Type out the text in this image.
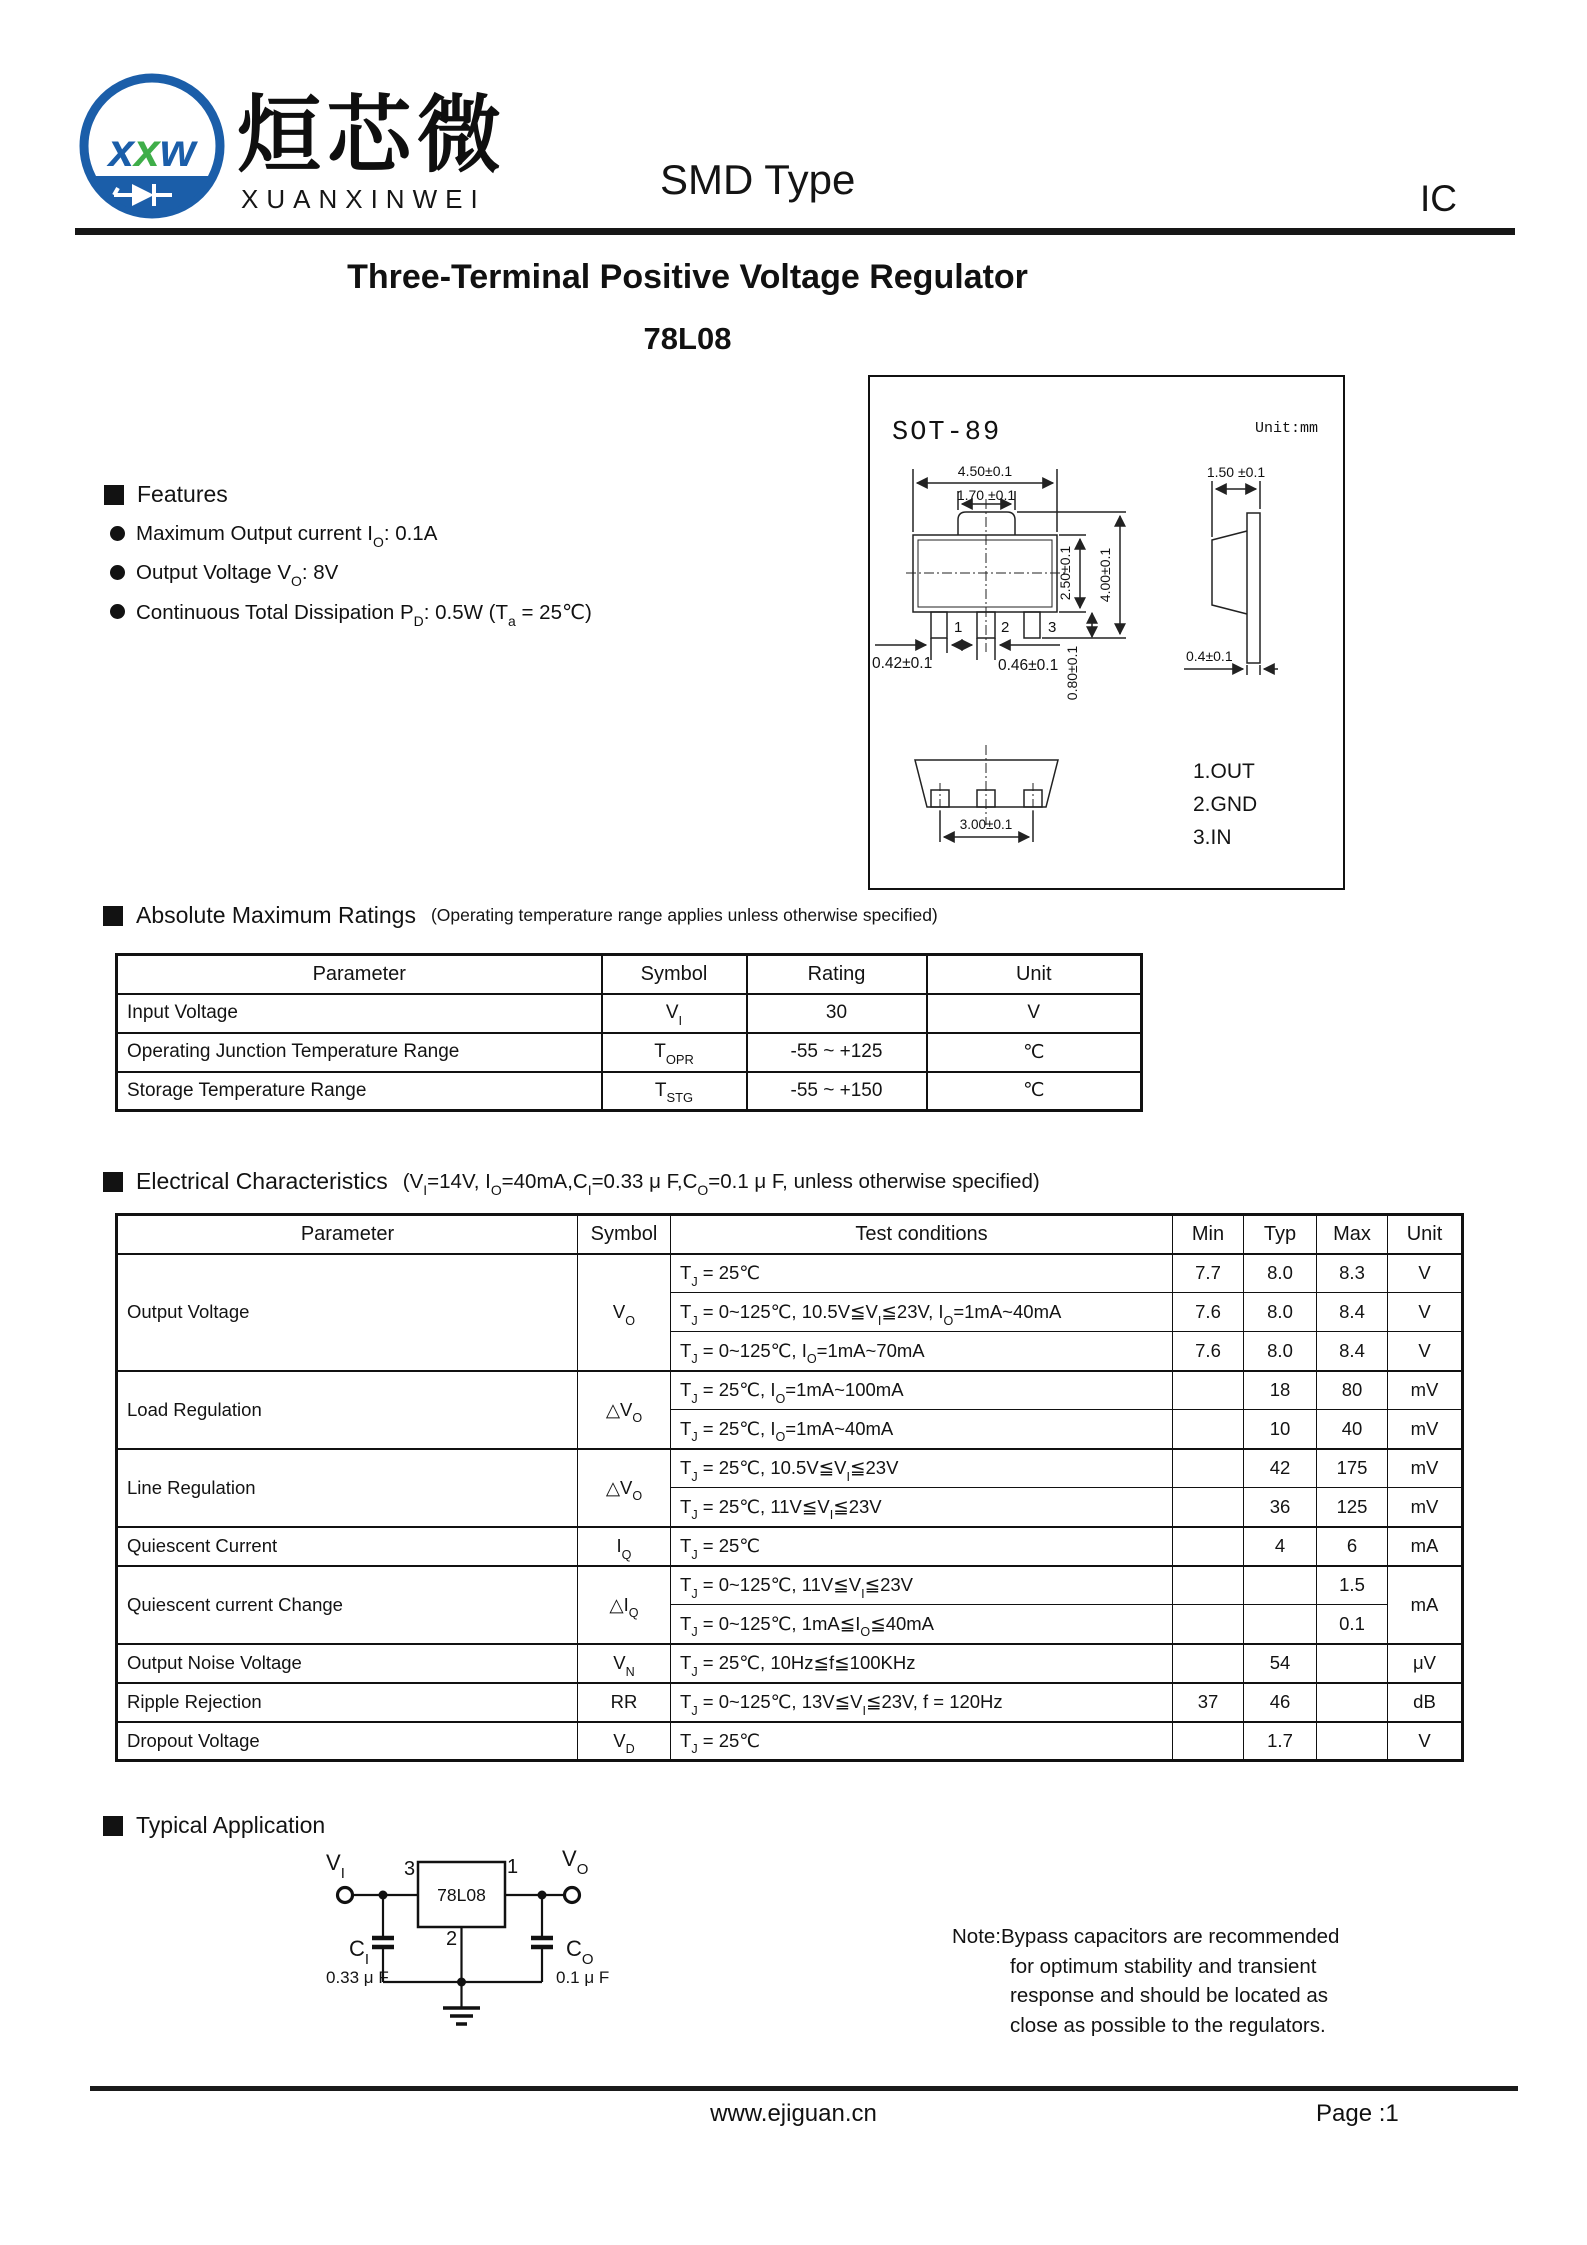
xxw 烜芯微
XUANXINWEI	SMD Type	IC
Three-Terminal Positive Voltage Regulator
78L08
SOT-89	Unit:mm
4.50±0.1
1.70 ±0.1
2.50±0.1 4.00±0.1
0.80±0.1
0.42±0.1	0.46±0.1
3.00±0.1
1.50 ±0.1
0.4±0.1
1	2	3
1.OUT
2.GND
3.IN
Features
Maximum Output current $I_O$: 0.1A
Output Voltage $V_O$: 8V
Continuous Total Dissipation $P_D$: 0.5W ($T_a$ = 25℃)
Absolute Maximum Ratings (Operating temperature range applies unless otherwise specified)
Parameter	Symbol	Rating	Unit
Input Voltage	$V_I$	30	V
Operating Junction Temperature Range	$T_{OPR}$	-55 ~ +125	℃
Storage Temperature Range	$T_{STG}$	-55 ~ +150	℃
Electrical Characteristics ($V_I=14V$, $I_O=40mA,C_I=0.33$ μ $F,C_O=0.1$ μ F, unless otherwise specified)
Parameter	Symbol	Test conditions	Min	Typ	Max	Unit
Output Voltage	$V_O$	$T_J$ = 25℃	7.7	8.0	8.3	V
		$T_J$ = 0~125℃, $10.5V≦V_I≦23V$, $I_O=1mA\sim 40mA$	7.6	8.0	8.4	V
		$T_J$ = 0~125℃, $I_O=1mA\sim 70mA$	7.6	8.0	8.4	V
Load Regulation	$\triangle V_O$	$T_J$ = 25℃, $I_O=1mA\sim 100mA$		18	80	mV
		$T_J$ = 25℃, $I_O=1mA\sim 40mA$		10	40	mV
Line Regulation	$\triangle V_O$	$T_J$ = 25℃, $10.5V≦V_I≦23V$		42	175	mV
		$T_J$ = 25℃, $11V≦V_I≦23V$		36	125	mV
Quiescent Current	$I_Q$	$T_J$ = 25℃		4	6	mA
Quiescent current Change	$\triangle I_Q$	$T_J$ = 0~125℃, $11V≦V_I≦23V$			1.5	mA
		$T_J$ = 0~125℃, $1mA≦I_O≦40mA$			0.1	
Output Noise Voltage	$V_N$	$T_J$ = 25℃, 10Hz≦f≦100KHz		54		μV
Ripple Rejection	RR	$T_J$ = 0~125℃, $13V≦V_I≦23V$, f = 120Hz	37	46		dB
Dropout Voltage	$V_D$	$T_J$ = 25℃		1.7		V
Typical Application
78L08
$V_I$
$V_O$
3	1
2
$C_I$	$C_O$
0.33 μ F	0.1 μ F
Note:Bypass capacitors are recommended
for optimum stability and transient
response and should be located as
close as possible to the regulators.
www.ejiguan.cn	Page :1
